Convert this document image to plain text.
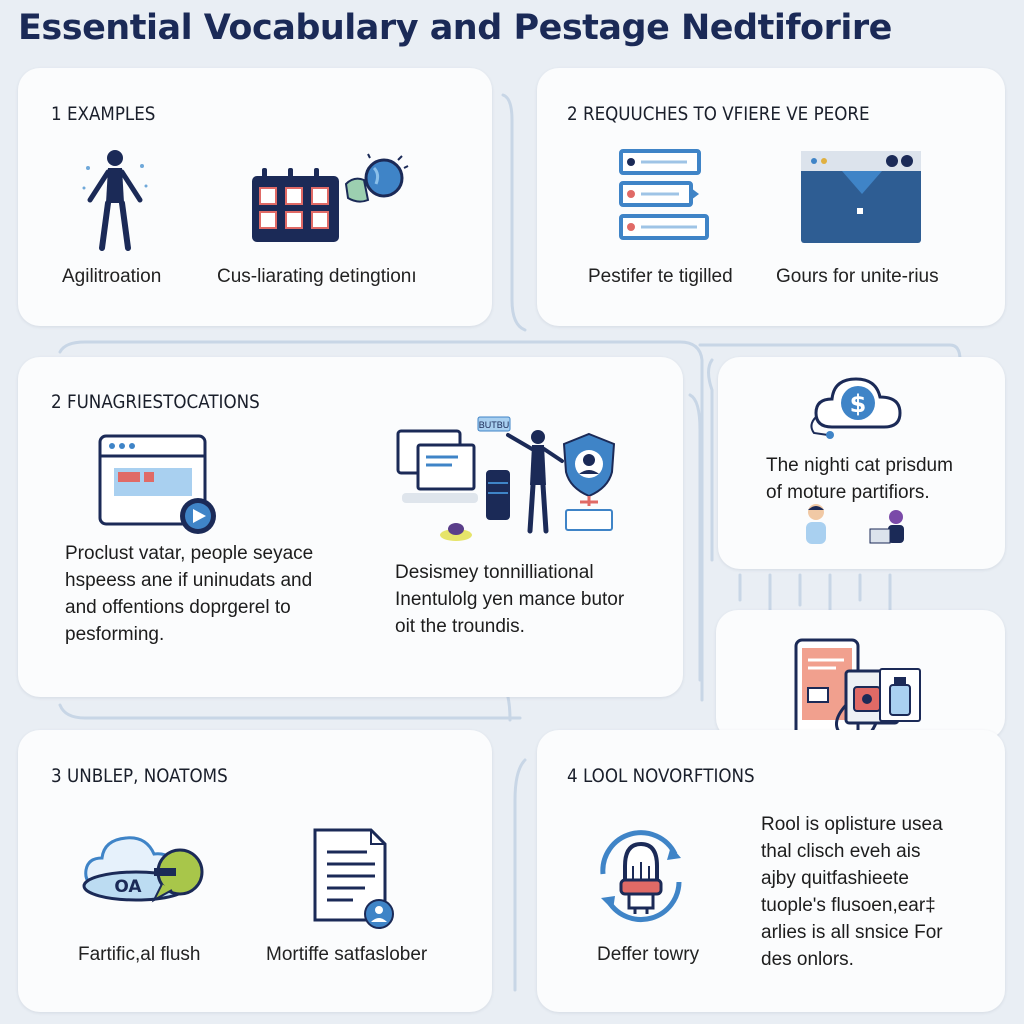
Essential Vocabulary and Pestage Nedtiforire
1 EXAMPLES
Agilitroation	Cus-liarating detingtionı
2 REQUUCHES TO VFIERE VE PEORE
Pestifer te tigilled Gours for unite-rius
2 FUNAGRIESTOCATIONS
BUTBU
Proclust vatar, people seyace
hspeess ane if uninudats and
and offentions doprgerel to
pesforming.
Desismey tonnilliational
Inentulolg yen mance butor
oit the troundis.
$
The nighti cat prisdum
of moture partifiors.
3 UNBLEP, NOATOMS
OA
Fartific,al flush	Mortiffe satfaslober
4 LOOL NOVORFTIONS
Deffer towry
Rool is oplisture usea
thal clisch eveh ais
ajby quitfashieete
tuople's flusoen,ear‡
arlies is all snsice For
des onlors.
